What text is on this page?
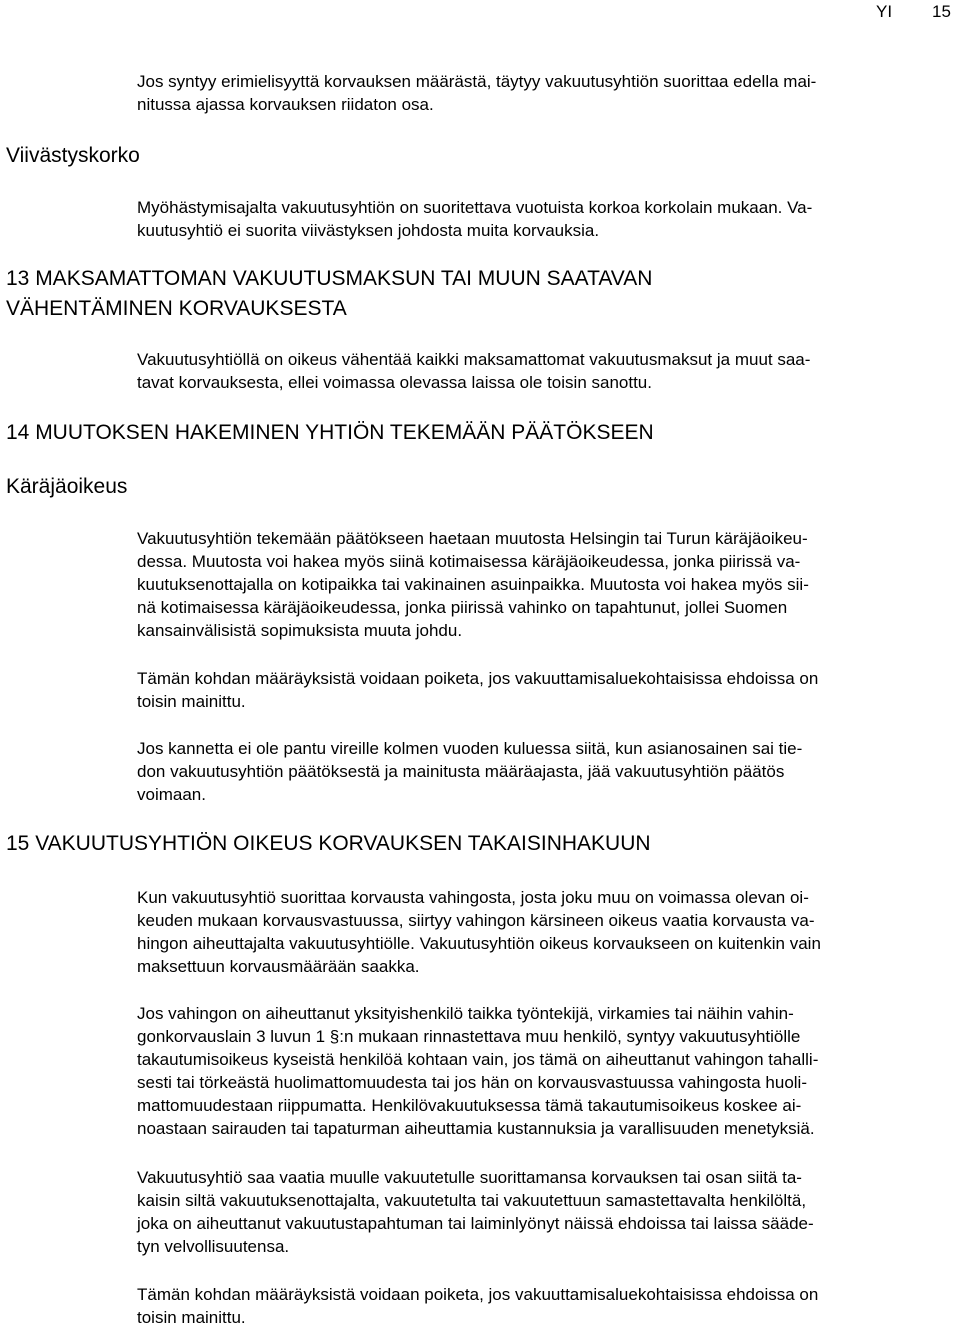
YI 15

Jos syntyy erimielisyyttä korvauksen määrästä, täytyy vakuutusyhtiön suorittaa edella mai-
nitussa ajassa korvauksen riidaton osa.

Viivästyskorko

Myöhästymisajalta vakuutusyhtiön on suoritettava vuotuista korkoa korkolain mukaan. Va-
kuutusyhtiö ei suorita viivästyksen johdosta muita korvauksia.

13 MAKSAMATTOMAN VAKUUTUSMAKSUN TAI MUUN SAATAVAN
VÄHENTÄMINEN KORVAUKSESTA

Vakuutusyhtiöllä on oikeus vähentää kaikki maksamattomat vakuutusmaksut ja muut saa-
tavat korvauksesta, ellei voimassa olevassa laissa ole toisin sanottu.

14 MUUTOKSEN HAKEMINEN YHTIÖN TEKEMÄÄN PÄÄTÖKSEEN

Käräjäoikeus

Vakuutusyhtiön tekemään päätökseen haetaan muutosta Helsingin tai Turun käräjäoikeu-
dessa. Muutosta voi hakea myös siinä kotimaisessa käräjäoikeudessa, jonka piirissä va-
kuutuksenottajalla on kotipaikka tai vakinainen asuinpaikka. Muutosta voi hakea myös sii-
nä kotimaisessa käräjäoikeudessa, jonka piirissä vahinko on tapahtunut, jollei Suomen
kansainvälisistä sopimuksista muuta johdu.

Tämän kohdan määräyksistä voidaan poiketa, jos vakuuttamisaluekohtaisissa ehdoissa on
toisin mainittu.

Jos kannetta ei ole pantu vireille kolmen vuoden kuluessa siitä, kun asianosainen sai tie-
don vakuutusyhtiön päätöksestä ja mainitusta määräajasta, jää vakuutusyhtiön päätös
voimaan.

15 VAKUUTUSYHTIÖN OIKEUS KORVAUKSEN TAKAISINHAKUUN

Kun vakuutusyhtiö suorittaa korvausta vahingosta, josta joku muu on voimassa olevan oi-
keuden mukaan korvausvastuussa, siirtyy vahingon kärsineen oikeus vaatia korvausta va-
hingon aiheuttajalta vakuutusyhtiölle. Vakuutusyhtiön oikeus korvaukseen on kuitenkin vain
maksettuun korvausmäärään saakka.

Jos vahingon on aiheuttanut yksityishenkilö taikka työntekijä, virkamies tai näihin vahin-
gonkorvauslain 3 luvun 1 §:n mukaan rinnastettava muu henkilö, syntyy vakuutusyhtiölle
takautumisoikeus kyseistä henkilöä kohtaan vain, jos tämä on aiheuttanut vahingon tahalli-
sesti tai törkeästä huolimattomuudesta tai jos hän on korvausvastuussa vahingosta huoli-
mattomuudestaan riippumatta. Henkilövakuutuksessa tämä takautumisoikeus koskee ai-
noastaan sairauden tai tapaturman aiheuttamia kustannuksia ja varallisuuden menetyksiä.

Vakuutusyhtiö saa vaatia muulle vakuutetulle suorittamansa korvauksen tai osan siitä ta-
kaisin siltä vakuutuksenottajalta, vakuutetulta tai vakuutettuun samastettavalta henkilöltä,
joka on aiheuttanut vakuutustapahtuman tai laiminlyönyt näissä ehdoissa tai laissa sääde-
tyn velvollisuutensa.

Tämän kohdan määräyksistä voidaan poiketa, jos vakuuttamisaluekohtaisissa ehdoissa on
toisin mainittu.
